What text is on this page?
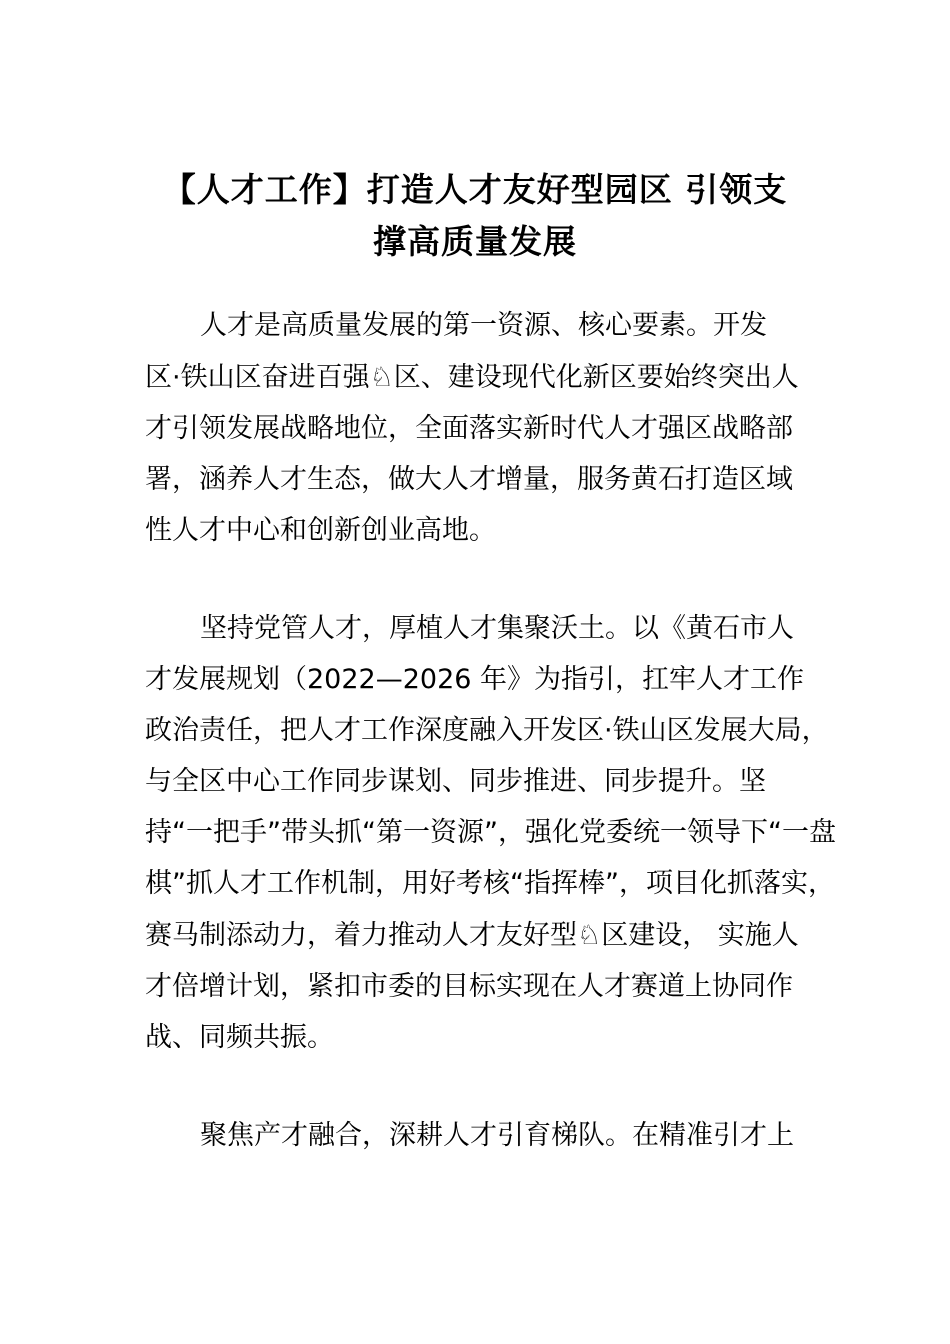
【人才工作】打造人才友好型园区 引领支
撑高质量发展

人才是高质量发展的第一资源、核心要素。开发

区·铁山区奋进百强♘区、建设现代化新区要始终突出人

才引领发展战略地位，全面落实新时代人才强区战略部

署，涵养人才生态，做大人才增量，服务黄石打造区域

性人才中心和创新创业高地。

坚持党管人才，厚植人才集聚沃土。以《黄石市人

才发展规划（2022—2026 年》为指引，扛牢人才工作

政治责任，把人才工作深度融入开发区·铁山区发展大局，

与全区中心工作同步谋划、同步推进、同步提升。坚

持“一把手”带头抓“第一资源”，强化党委统一领导下“一盘

棋”抓人才工作机制，用好考核“指挥棒”，项目化抓落实，

赛马制添动力，着力推动人才友好型♘区建设， 实施人

才倍增计划，紧扣市委的目标实现在人才赛道上协同作

战、同频共振。

聚焦产才融合，深耕人才引育梯队。在精准引才上
